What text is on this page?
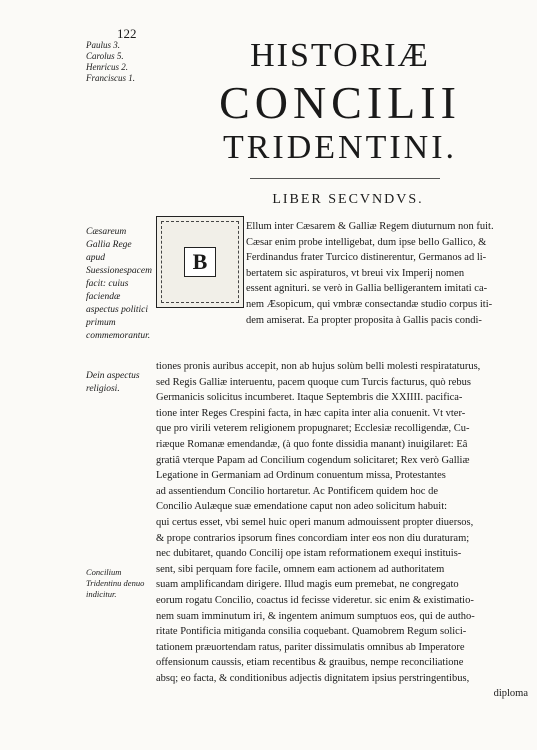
122
Paulus 3.
Carolus 5.
Henricus 2.
Franciscus 1.
HISTORIÆ
CONCILII
TRIDENTINI.
LIBER SECVNDVS.
Cæsareum Gallia Rege apud Suessionespacem facit: cuius faciendæ aspectus politici primum commemorantur.
Dein aspectus religiosi.
Concilium Tridentinu denuo indicitur.
B
Ellum inter Cæsarem & Galliæ Regem diuturnum non fuit.
Cæsar enim probe intelligebat, dum ipse bello Gallico, &
Ferdinandus frater Turcico distinerentur, Germanos ad li-
bertatem sic aspiraturos, vt breui vix Imperij nomen
essent agnituri. se verò in Gallia belligerantem imitati ca-
nem Æsopicum, qui vmbræ consectandæ studio corpus iti-
dem amiserat. Ea propter proposita à Gallis pacis condi-
tiones pronis auribus accepit, non ab hujus solùm belli molesti respirataturus,
sed Regis Galliæ interuentu, pacem quoque cum Turcis facturus, quò rebus
Germanicis solicitus incumberet. Itaque Septembris die XXIIII. pacifica-
tione inter Reges Crespini facta, in hæc capita inter alia conuenit. Vt vter-
que pro virili veterem religionem propugnaret; Ecclesiæ recolligendæ, Cu-
riæque Romanæ emendandæ, (à quo fonte dissidia manant) inuigilaret: Eâ
gratiâ vterque Papam ad Concilium cogendum solicitaret; Rex verò Galliæ
Legatione in Germaniam ad Ordinum conuentum missa, Protestantes
ad assentiendum Concilio hortaretur. Ac Pontificem quidem hoc de
Concilio Aulæque suæ emendatione caput non adeo solicitum habuit:
qui certus esset, vbi semel huic operi manum admouissent propter diuersos,
& prope contrarios ipsorum fines concordiam inter eos non diu duraturam;
nec dubitaret, quando Concilij ope istam reformationem exequi instituis-
sent, sibi perquam fore facile, omnem eam actionem ad authoritatem
suam amplificandam dirigere. Illud magis eum premebat, ne congregato
eorum rogatu Concilio, coactus id fecisse videretur. sic enim & existimatio-
nem suam imminutum iri, & ingentem animum sumptuos eos, qui de autho-
ritate Pontificia mitiganda consilia coquebant. Quamobrem Regum solici-
tationem præuortendam ratus, pariter dissimulatis omnibus ab Imperatore
offensionum caussis, etiam recentibus & grauibus, nempe reconciliatione
absq; eo facta, & conditionibus adjectis dignitatem ipsius perstringentibus,
diploma
